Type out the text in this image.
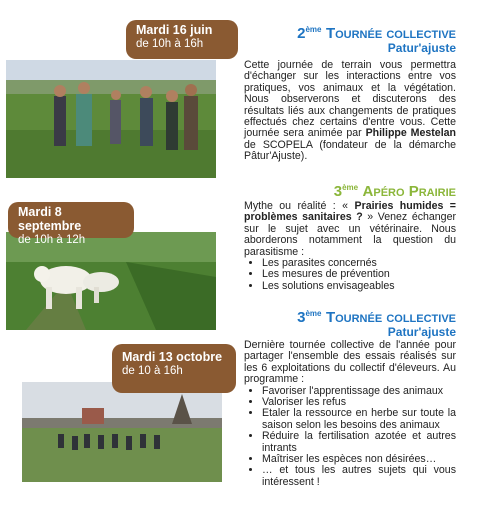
Mardi 16 juin
de 10h à 16h
2ème Tournée collective
Patur'ajuste
Cette journée de terrain vous permettra d'échanger sur les interactions entre vos pratiques, vos animaux et la végétation. Nous observerons et discuterons des résultats liés aux changements de pratiques effectués chez certains d'entre vous. Cette journée sera animée par Philippe Mestelan de SCOPELA (fondateur de la démarche Pâtur'Ajuste).
Mardi 8 septembre
de 10h à 12h
3ème Apéro Prairie
Mythe ou réalité : « Prairies humides = problèmes sanitaires ? » Venez échanger sur le sujet avec un vétérinaire. Nous aborderons notamment la question du parasitisme :
• Les parasites concernés
• Les mesures de prévention
• Les solutions envisageables
Mardi 13 octobre
de 10 à 16h
3ème Tournée collective
Patur'ajuste
Dernière tournée collective de l'année pour partager l'ensemble des essais réalisés sur les 6 exploitations du collectif d'éleveurs. Au programme :
• Favoriser l'apprentissage des animaux
• Valoriser les refus
• Etaler la ressource en herbe sur toute la saison selon les besoins des animaux
• Réduire la fertilisation azotée et autres intrants
• Maîtriser les espèces non désirées…
• … et tous les autres sujets qui vous intéressent !
